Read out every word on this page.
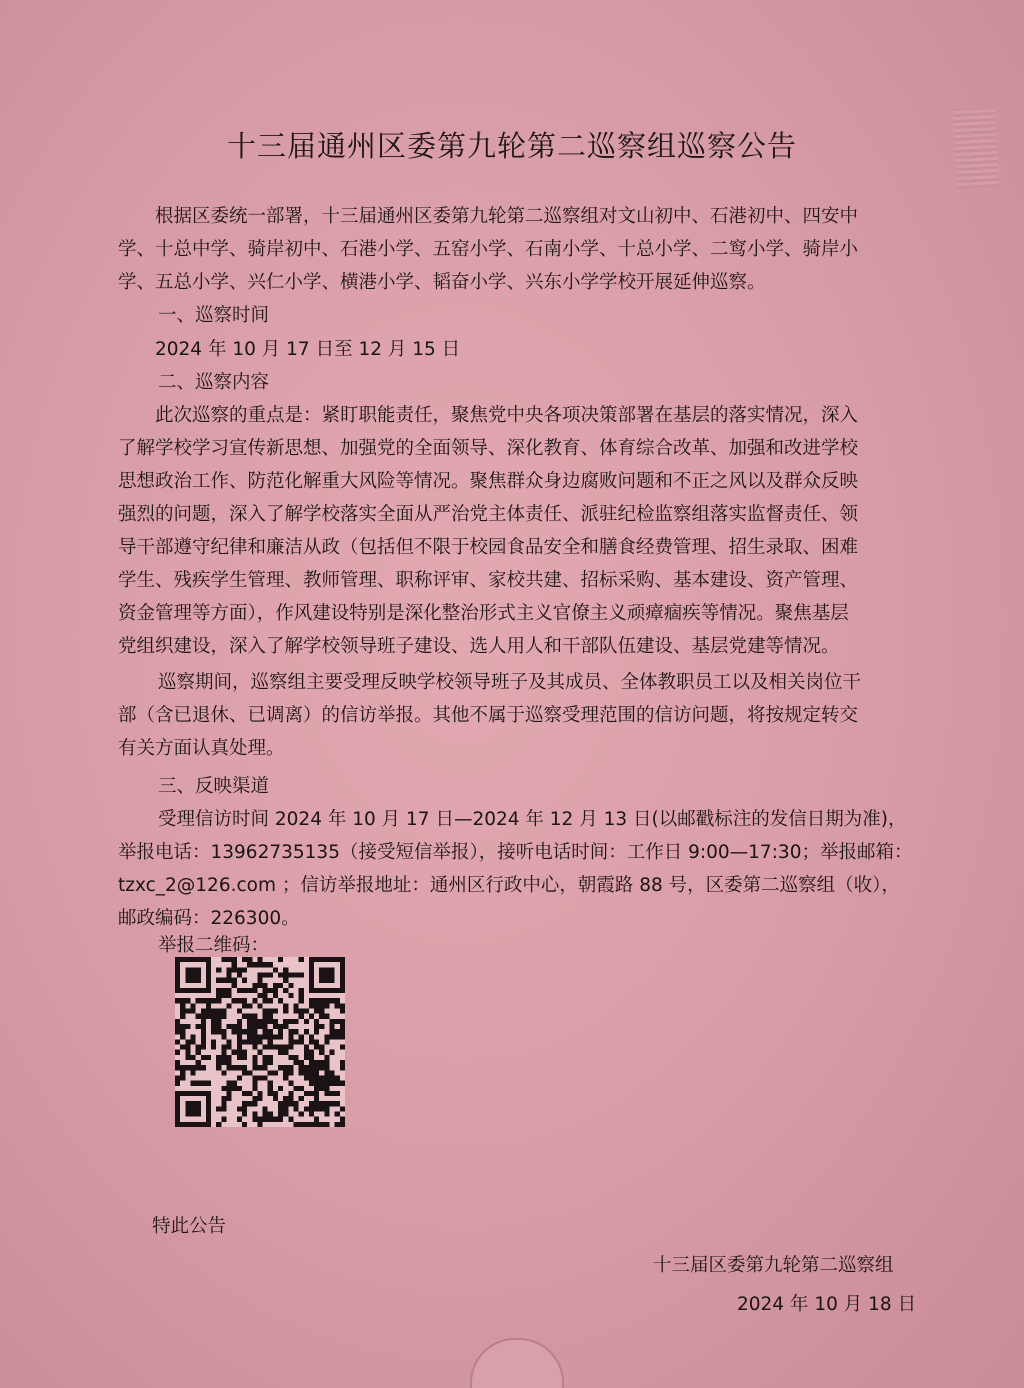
十三届通州区委第九轮第二巡察组巡察公告
根据区委统一部署，十三届通州区委第九轮第二巡察组对文山初中、石港初中、四安中
学、十总中学、骑岸初中、石港小学、五窑小学、石南小学、十总小学、二窎小学、骑岸小
学、五总小学、兴仁小学、横港小学、韬奋小学、兴东小学学校开展延伸巡察。
一、巡察时间
2024 年 10 月 17 日至 12 月 15 日
二、巡察内容
此次巡察的重点是：紧盯职能责任，聚焦党中央各项决策部署在基层的落实情况，深入
了解学校学习宣传新思想、加强党的全面领导、深化教育、体育综合改革、加强和改进学校
思想政治工作、防范化解重大风险等情况。聚焦群众身边腐败问题和不正之风以及群众反映
强烈的问题，深入了解学校落实全面从严治党主体责任、派驻纪检监察组落实监督责任、领
导干部遵守纪律和廉洁从政（包括但不限于校园食品安全和膳食经费管理、招生录取、困难
学生、残疾学生管理、教师管理、职称评审、家校共建、招标采购、基本建设、资产管理、
资金管理等方面），作风建设特别是深化整治形式主义官僚主义顽瘴痼疾等情况。聚焦基层
党组织建设，深入了解学校领导班子建设、选人用人和干部队伍建设、基层党建等情况。
巡察期间，巡察组主要受理反映学校领导班子及其成员、全体教职员工以及相关岗位干
部（含已退休、已调离）的信访举报。其他不属于巡察受理范围的信访问题，将按规定转交
有关方面认真处理。
三、反映渠道
受理信访时间 2024 年 10 月 17 日—2024 年 12 月 13 日(以邮戳标注的发信日期为准)，
举报电话：13962735135（接受短信举报），接听电话时间：工作日 9:00—17:30；举报邮箱：
tzxc_2@126.com ；信访举报地址：通州区行政中心，朝霞路 88 号，区委第二巡察组（收），
邮政编码：226300。
举报二维码：
特此公告
十三届区委第九轮第二巡察组
2024 年 10 月 18 日
